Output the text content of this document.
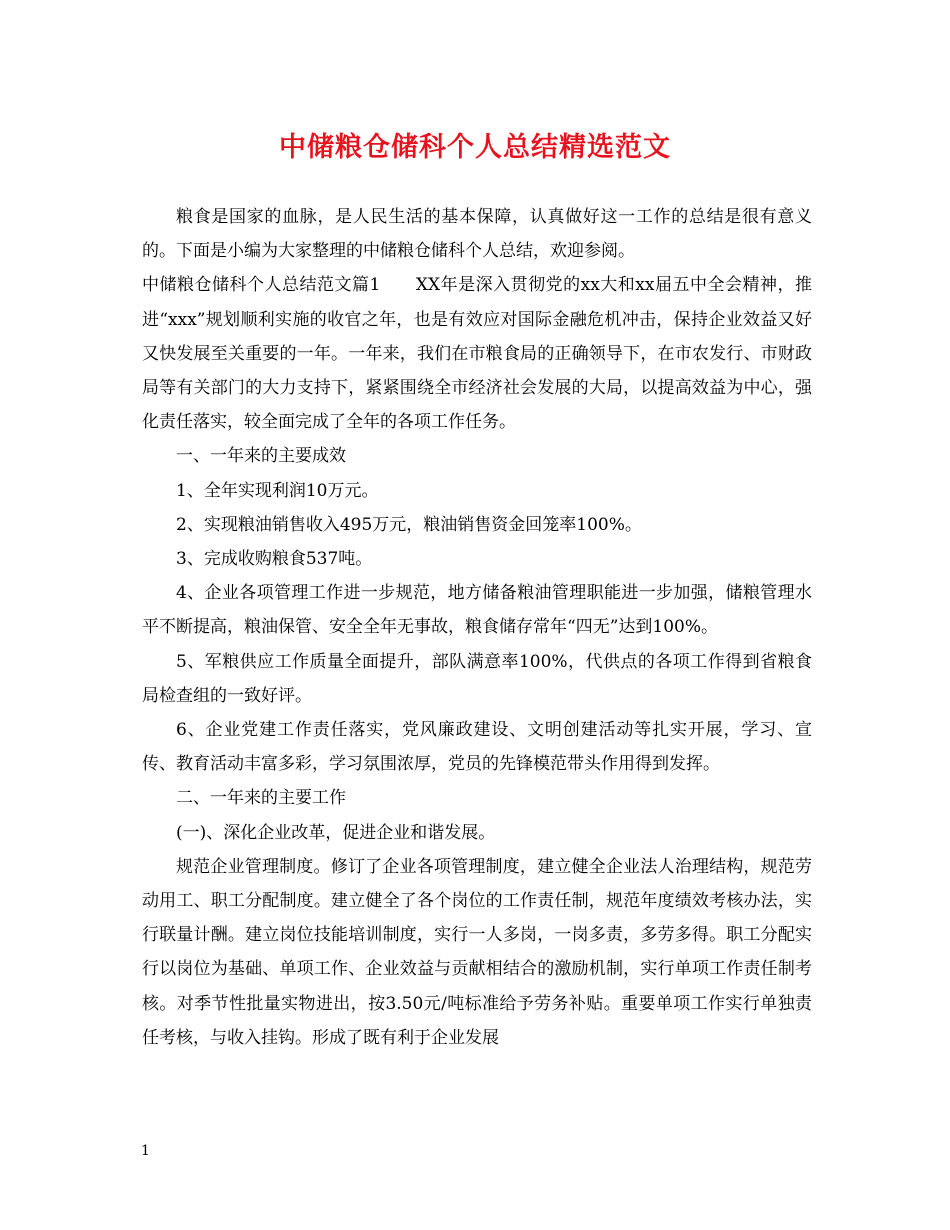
中储粮仓储科个人总结精选范文

粮食是国家的血脉，是人民生活的基本保障，认真做好这一工作的总结是很有意义的。下面是小编为大家整理的中储粮仓储科个人总结，欢迎参阅。

中储粮仓储科个人总结范文篇1　　XX年是深入贯彻党的xx大和xx届五中全会精神，推进“xxx”规划顺利实施的收官之年，也是有效应对国际金融危机冲击，保持企业效益又好又快发展至关重要的一年。一年来，我们在市粮食局的正确领导下，在市农发行、市财政局等有关部门的大力支持下，紧紧围绕全市经济社会发展的大局，以提高效益为中心，强化责任落实，较全面完成了全年的各项工作任务。

一、一年来的主要成效

1、全年实现利润10万元。

2、实现粮油销售收入495万元，粮油销售资金回笼率100%。

3、完成收购粮食537吨。

4、企业各项管理工作进一步规范，地方储备粮油管理职能进一步加强，储粮管理水平不断提高，粮油保管、安全全年无事故，粮食储存常年“四无”达到100%。

5、军粮供应工作质量全面提升，部队满意率100%，代供点的各项工作得到省粮食局检查组的一致好评。

6、企业党建工作责任落实，党风廉政建设、文明创建活动等扎实开展，学习、宣传、教育活动丰富多彩，学习氛围浓厚，党员的先锋模范带头作用得到发挥。

二、一年来的主要工作

(一)、深化企业改革，促进企业和谐发展。

规范企业管理制度。修订了企业各项管理制度，建立健全企业法人治理结构，规范劳动用工、职工分配制度。建立健全了各个岗位的工作责任制，规范年度绩效考核办法，实行联量计酬。建立岗位技能培训制度，实行一人多岗，一岗多责，多劳多得。职工分配实行以岗位为基础、单项工作、企业效益与贡献相结合的激励机制，实行单项工作责任制考核。对季节性批量实物进出，按3.50元/吨标准给予劳务补贴。重要单项工作实行单独责任考核，与收入挂钩。形成了既有利于企业发展

1
